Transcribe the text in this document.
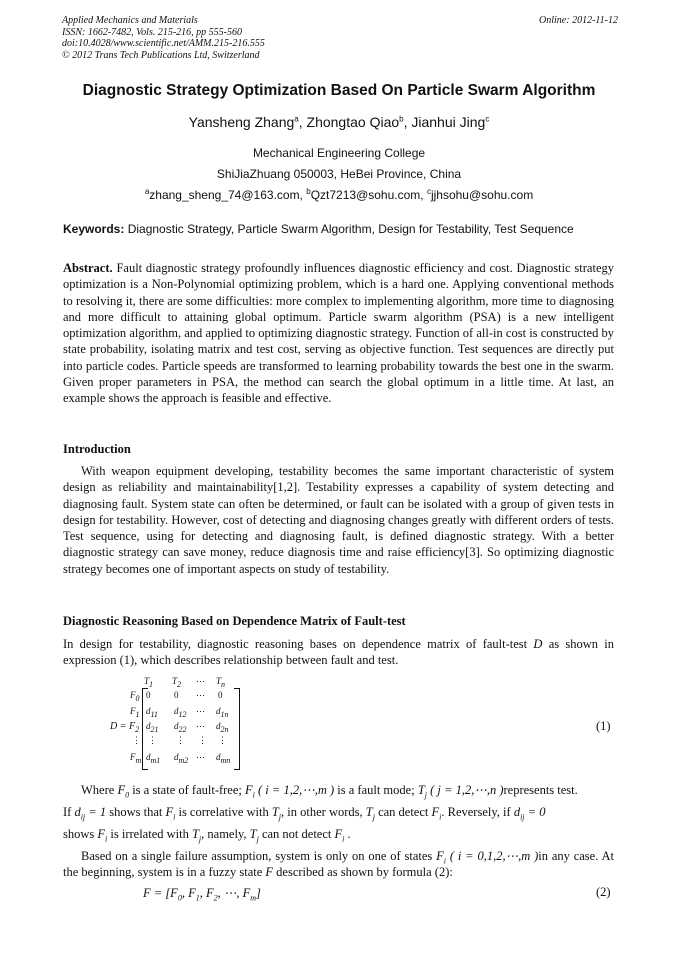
Applied Mechanics and Materials
ISSN: 1662-7482, Vols. 215-216, pp 555-560
doi:10.4028/www.scientific.net/AMM.215-216.555
© 2012 Trans Tech Publications Ltd, Switzerland
Online: 2012-11-12
Diagnostic Strategy Optimization Based On Particle Swarm Algorithm
Yansheng Zhang$^a$, Zhongtao Qiao$^b$, Jianhui Jing$^c$
Mechanical Engineering College
ShiJiaZhuang 050003, HeBei Province, China
$^a$zhang_sheng_74@163.com, $^b$Qzt7213@sohu.com, $^c$jjhsohu@sohu.com
Keywords: Diagnostic Strategy, Particle Swarm Algorithm, Design for Testability, Test Sequence
Abstract. Fault diagnostic strategy profoundly influences diagnostic efficiency and cost. Diagnostic strategy optimization is a Non-Polynomial optimizing problem, which is a hard one. Applying conventional methods to resolving it, there are some difficulties: more complex to implementing algorithm, more time to diagnosing and more difficult to attaining global optimum. Particle swarm algorithm (PSA) is a new intelligent optimization algorithm, and applied to optimizing diagnostic strategy. Function of all-in cost is constructed by state probability, isolating matrix and test cost, serving as objective function. Test sequences are directly put into particle codes. Particle speeds are transformed to learning probability towards the best one in the swarm. Given proper parameters in PSA, the method can search the global optimum in a little time. At last, an example shows the approach is feasible and effective.
Introduction
With weapon equipment developing, testability becomes the same important characteristic of system design as reliability and maintainability[1,2]. Testability expresses a capability of system detecting and diagnosing fault. System state can often be determined, or fault can be isolated with a group of given tests in design for testability. However, cost of detecting and diagnosing changes greatly with different orders of tests. Test sequence, using for detecting and diagnosing fault, is defined diagnostic strategy. With a better diagnostic strategy can save money, reduce diagnosis time and raise efficiency[3]. So optimizing diagnostic strategy becomes one of important aspects on study of testability.
Diagnostic Reasoning Based on Dependence Matrix of Fault-test
In design for testability, diagnostic reasoning bases on dependence matrix of fault-test D as shown in expression (1), which describes relationship between fault and test.
$T_1$ $T_2$ ⋯ $T_n$
$F_0$ 0	0 ⋯ 0
$F_1$ $d_{11}$ $d_{12}$ ⋯ $d_{1n}$
$D = F_2$ $d_{21}$ $d_{22}$ ⋯ $d_{2n}$
⋮ ⋮ ⋮ ⋮ ⋮
$F_m$ $d_{m1}$ $d_{m2}$ ⋯ $d_{mn}$
(1)
Where $F_0$ is a state of fault-free; $F_i$ ( i = 1,2,⋯,m ) is a fault mode; $T_j$ ( j = 1,2,⋯,n )represents test.
If $d_{ij} = 1$ shows that $F_i$ is correlative with $T_j$, in other words, $T_j$ can detect $F_i$. Reversely, if $d_{ij} = 0$
shows $F_i$ is irrelated with $T_j$, namely, $T_j$ can not detect $F_i$ .
Based on a single failure assumption, system is only on one of states $F_i$ ( i = 0,1,2,⋯,m )in any case. At the beginning, system is in a fuzzy state F described as shown by formula (2):
$F = [F_0$, $F_1$, $F_2$, ⋯, $F_m$]	(2)
